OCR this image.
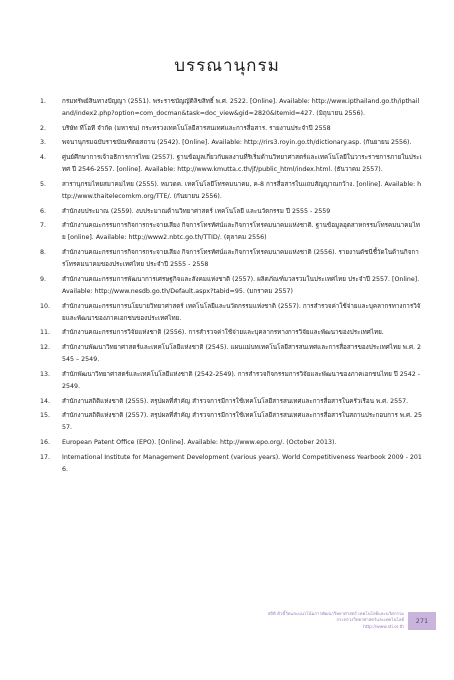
บรรณานุกรม
1.	กรมทรัพย์สินทางปัญญา (2551). พระราชบัญญัติลิขสิทธิ์ พ.ศ. 2522. [Online]. Available: http://www.ipthailand.go.th/ipthailand/index2.php?option=com_docman&task=doc_view&gid=2820&Itemid=427. (มิถุนายน 2556).
2.	บริษัท ทีโอที จำกัด (มหาชน) กระทรวงเทคโนโลยีสารสนเทศและการสื่อสาร. รายงานประจำปี 2558
3.	พจนานุกรมฉบับราชบัณฑิตยสถาน (2542). [Online]. Available: http://rirs3.royin.go.th/dictionary.asp. (กันยายน 2556).
4.	ศูนย์ศึกษาการเจ้าอธิการการไทย (2557). ฐานข้อมูลเกี่ยวกับผลงานที่ริเริ่มด้านวิทยาศาสตร์และเทคโนโลยีในวาระราชการภายในประเทศ ปี 2546-2557. [online]. Available: http://www.kmutta.c.th/jf/public_html/index.html. (ธันวาคม 2557).
5.	สารานุกรมไทยสมาคมไทย (2555). หมวดค. เทคโนโลยีโทรคมนาคม, ค-8 การสื่อสารในแถบสัญญาณกว้าง. [online]. Available: http://www.thaitelecomkm.org/TTE/. (กันยายน 2556).
6.	สำนักงบประมาณ (2559). งบประมาณด้านวิทยาศาสตร์ เทคโนโลยี และนวัตกรรม ปี 2555 - 2559
7.	สำนักงานคณะกรรมการกิจการกระจายเสียง กิจการโทรทัศน์และกิจการโทรคมนาคมแห่งชาติ. ฐานข้อมูลอุตสาหกรรมโทรคมนาคมไทย [online]. Available: http://www2.nbtc.go.th/TTID/. (ตุลาคม 2556)
8.	สำนักงานคณะกรรมการกิจการกระจายเสียง กิจการโทรทัศน์และกิจการโทรคมนาคมแห่งชาติ (2556). รายงานดัชนีชี้วัดในด้านกิจการโทรคมนาคมของประเทศไทย ประจำปี 2555 - 2558
9.	สำนักงานคณะกรรมการพัฒนาการเศรษฐกิจและสังคมแห่งชาติ (2557). ผลิตภัณฑ์มวลรวมในประเทศไทย ประจำปี 2557. [Online]. Available: http://www.nesdb.go.th/Default.aspx?tabid=95. (มกราคม 2557)
10. สำนักงานคณะกรรมการนโยบายวิทยาศาสตร์ เทคโนโลยีและนวัตกรรมแห่งชาติ (2557). การสำรวจค่าใช้จ่ายและบุคลากรทางการวิจัยและพัฒนาของภาคเอกชนของประเทศไทย.
11. สำนักงานคณะกรรมการวิจัยแห่งชาติ (2556). การสำรวจค่าใช้จ่ายและบุคลากรทางการวิจัยและพัฒนาของประเทศไทย.
12. สำนักงานพัฒนาวิทยาศาสตร์และเทคโนโลยีแห่งชาติ (2545). แผนแม่บทเทคโนโลยีสารสนเทศและการสื่อสารของประเทศไทย พ.ศ. 2545 – 2549.
13. สำนักพัฒนาวิทยาศาสตร์และเทคโนโลยีแห่งชาติ (2542-2549). การสำรวจกิจกรรมการวิจัยและพัฒนาของภาคเอกชนไทย ปี 2542 - 2549.
14. สำนักงานสถิติแห่งชาติ (2555). สรุปผลที่สำคัญ สำรวจการมีการใช้เทคโนโลยีสารสนเทศและการสื่อสารในครัวเรือน พ.ศ. 2557.
15. สำนักงานสถิติแห่งชาติ (2557). สรุปผลที่สำคัญ สำรวจการมีการใช้เทคโนโลยีสารสนเทศและการสื่อสารในสถานประกอบการ พ.ศ. 2557.
16. European Patent Office (EPO). [Online]. Available: http://www.epo.org/. (October 2013).
17. International Institute for Management Development (various years). World Competitiveness Yearbook 2009 - 2016.
สถิติ ตัวชี้วัดและแนวโน้มการพัฒนาวิทยาศาสตร์ เทคโนโลยีและนวัตกรรม
กระทรวงวิทยาศาสตร์และเทคโนโลยี
http://www.sti.or.th
271
